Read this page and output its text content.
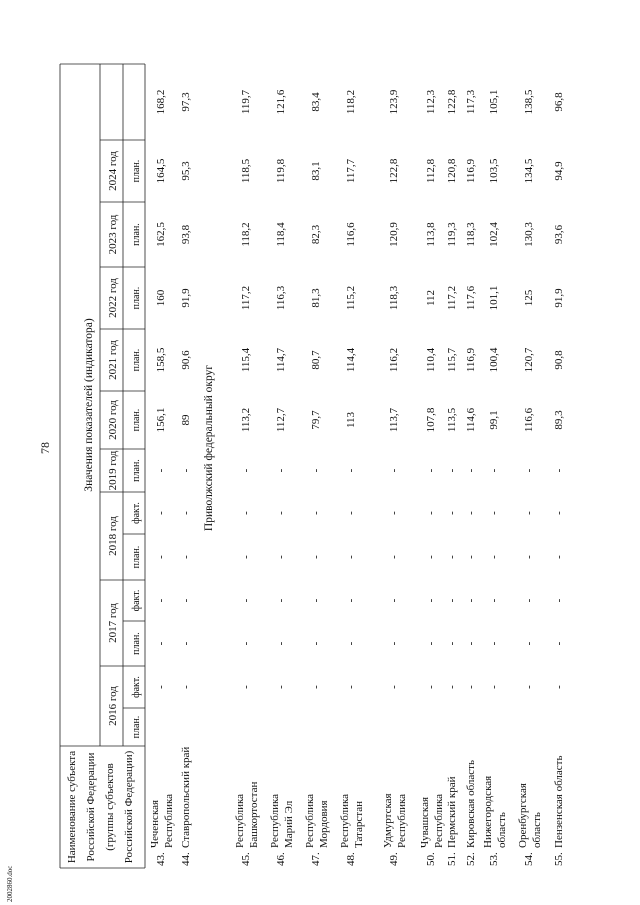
78
Наименование субъекта Российской Федерации (группы субъектов Российской Федерации)
Значения показателей (индикатора)
2016 год
план.
факт.
2017 год
план.
факт.
2018 год
план.
факт.
2019 год план.
2020 год план.
2021 год план.
2022 год план.
2023 год план.
2024 год план.
Приволжский федеральный округ
43.
Чеченская Республика
-
-
-
-
-
-
156,1
158,5
160
162,5
164,5
168,2
44.
Ставропольский край
-
-
-
-
-
-
89
90,6
91,9
93,8
95,3
97,3
45.
Республика Башкортостан
-
-
-
-
-
-
113,2
115,4
117,2
118,2
118,5
119,7
46.
Республика Марий Эл
-
-
-
-
-
-
112,7
114,7
116,3
118,4
119,8
121,6
47.
Республика Мордовия
-
-
-
-
-
-
79,7
80,7
81,3
82,3
83,1
83,4
48.
Республика Татарстан
-
-
-
-
-
-
113
114,4
115,2
116,6
117,7
118,2
49.
Удмуртская Республика
-
-
-
-
-
-
113,7
116,2
118,3
120,9
122,8
123,9
50.
Чувашская Республика
-
-
-
-
-
-
107,8
110,4
112
113,8
112,8
112,3
51.
Пермский край
-
-
-
-
-
-
113,5
115,7
117,2
119,3
120,8
122,8
52.
Кировская область
-
-
-
-
-
-
114,6
116,9
117,6
118,3
116,9
117,3
53.
Нижегородская область
-
-
-
-
-
-
99,1
100,4
101,1
102,4
103,5
105,1
54.
Оренбургская область
-
-
-
-
-
-
116,6
120,7
125
130,3
134,5
138,5
55.
Пензенская область
-
-
-
-
-
-
89,3
90,8
91,9
93,6
94,9
96,8
2002860.doc
